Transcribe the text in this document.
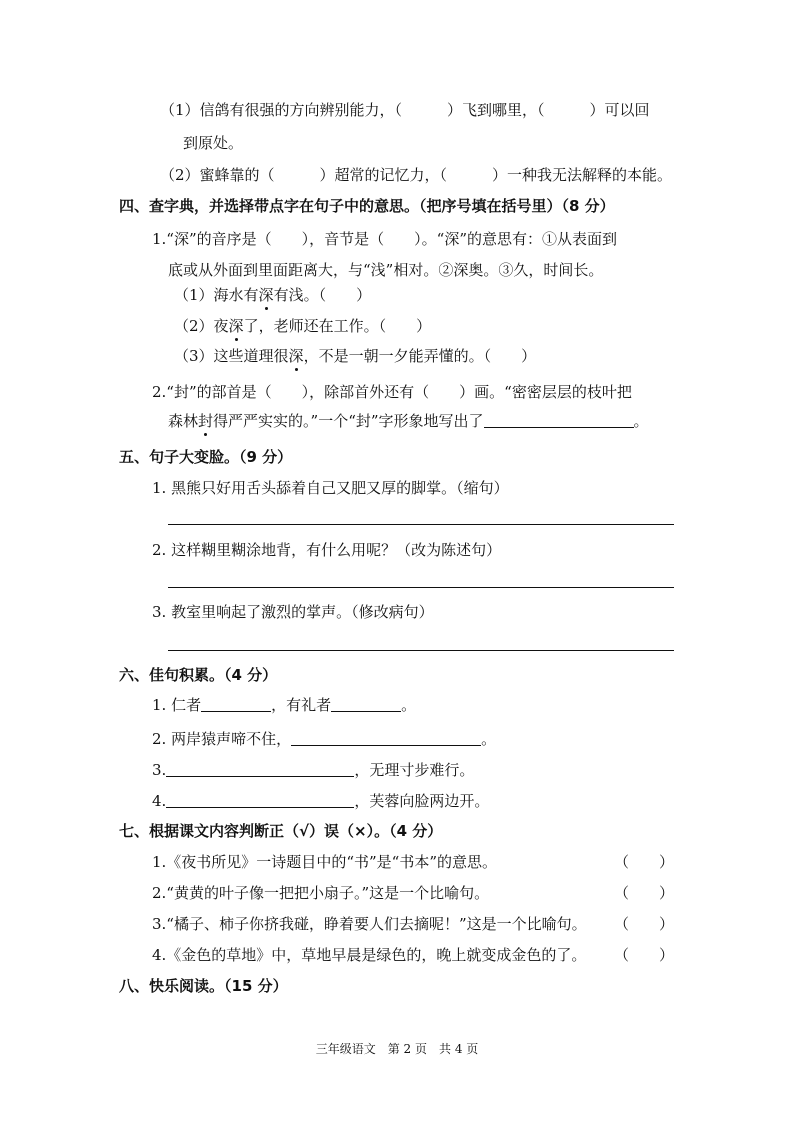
（1）信鸽有很强的方向辨别能力，（　　　）飞到哪里，（　　　）可以回
到原处。
（2）蜜蜂靠的（　　　）超常的记忆力，（　　　）一种我无法解释的本能。
四、查字典，并选择带点字在句子中的意思。（把序号填在括号里）（8 分）
1.“深”的音序是（　　），音节是（　　）。“深”的意思有：①从表面到
底或从外面到里面距离大，与“浅”相对。②深奥。③久，时间长。
（1）海水有深有浅。（　　）
（2）夜深了，老师还在工作。（　　）
（3）这些道理很深，不是一朝一夕能弄懂的。（　　）
2.“封”的部首是（　　），除部首外还有（　　）画。“密密层层的枝叶把
森林封得严严实实的。”一个“封”字形象地写出了	。
五、句子大变脸。（9 分）
1. 黑熊只好用舌头舔着自己又肥又厚的脚掌。（缩句）
2. 这样糊里糊涂地背，有什么用呢？（改为陈述句）
3. 教室里响起了激烈的掌声。（修改病句）
六、佳句积累。（4 分）
1. 仁者	，有礼者	。
2. 两岸猿声啼不住，	。
3.	，无理寸步难行。
4.	，芙蓉向脸两边开。
七、根据课文内容判断正（√）误（×）。（4 分）
1.《夜书所见》一诗题目中的“书”是“书本”的意思。	（　　）
2.“黄黄的叶子像一把把小扇子。”这是一个比喻句。	（　　）
3.“橘子、柿子你挤我碰，睁着要人们去摘呢！”这是一个比喻句。 （　　）
4.《金色的草地》中，草地早晨是绿色的，晚上就变成金色的了。 （　　）
八、快乐阅读。（15 分）
三年级语文　第 2 页　共 4 页
